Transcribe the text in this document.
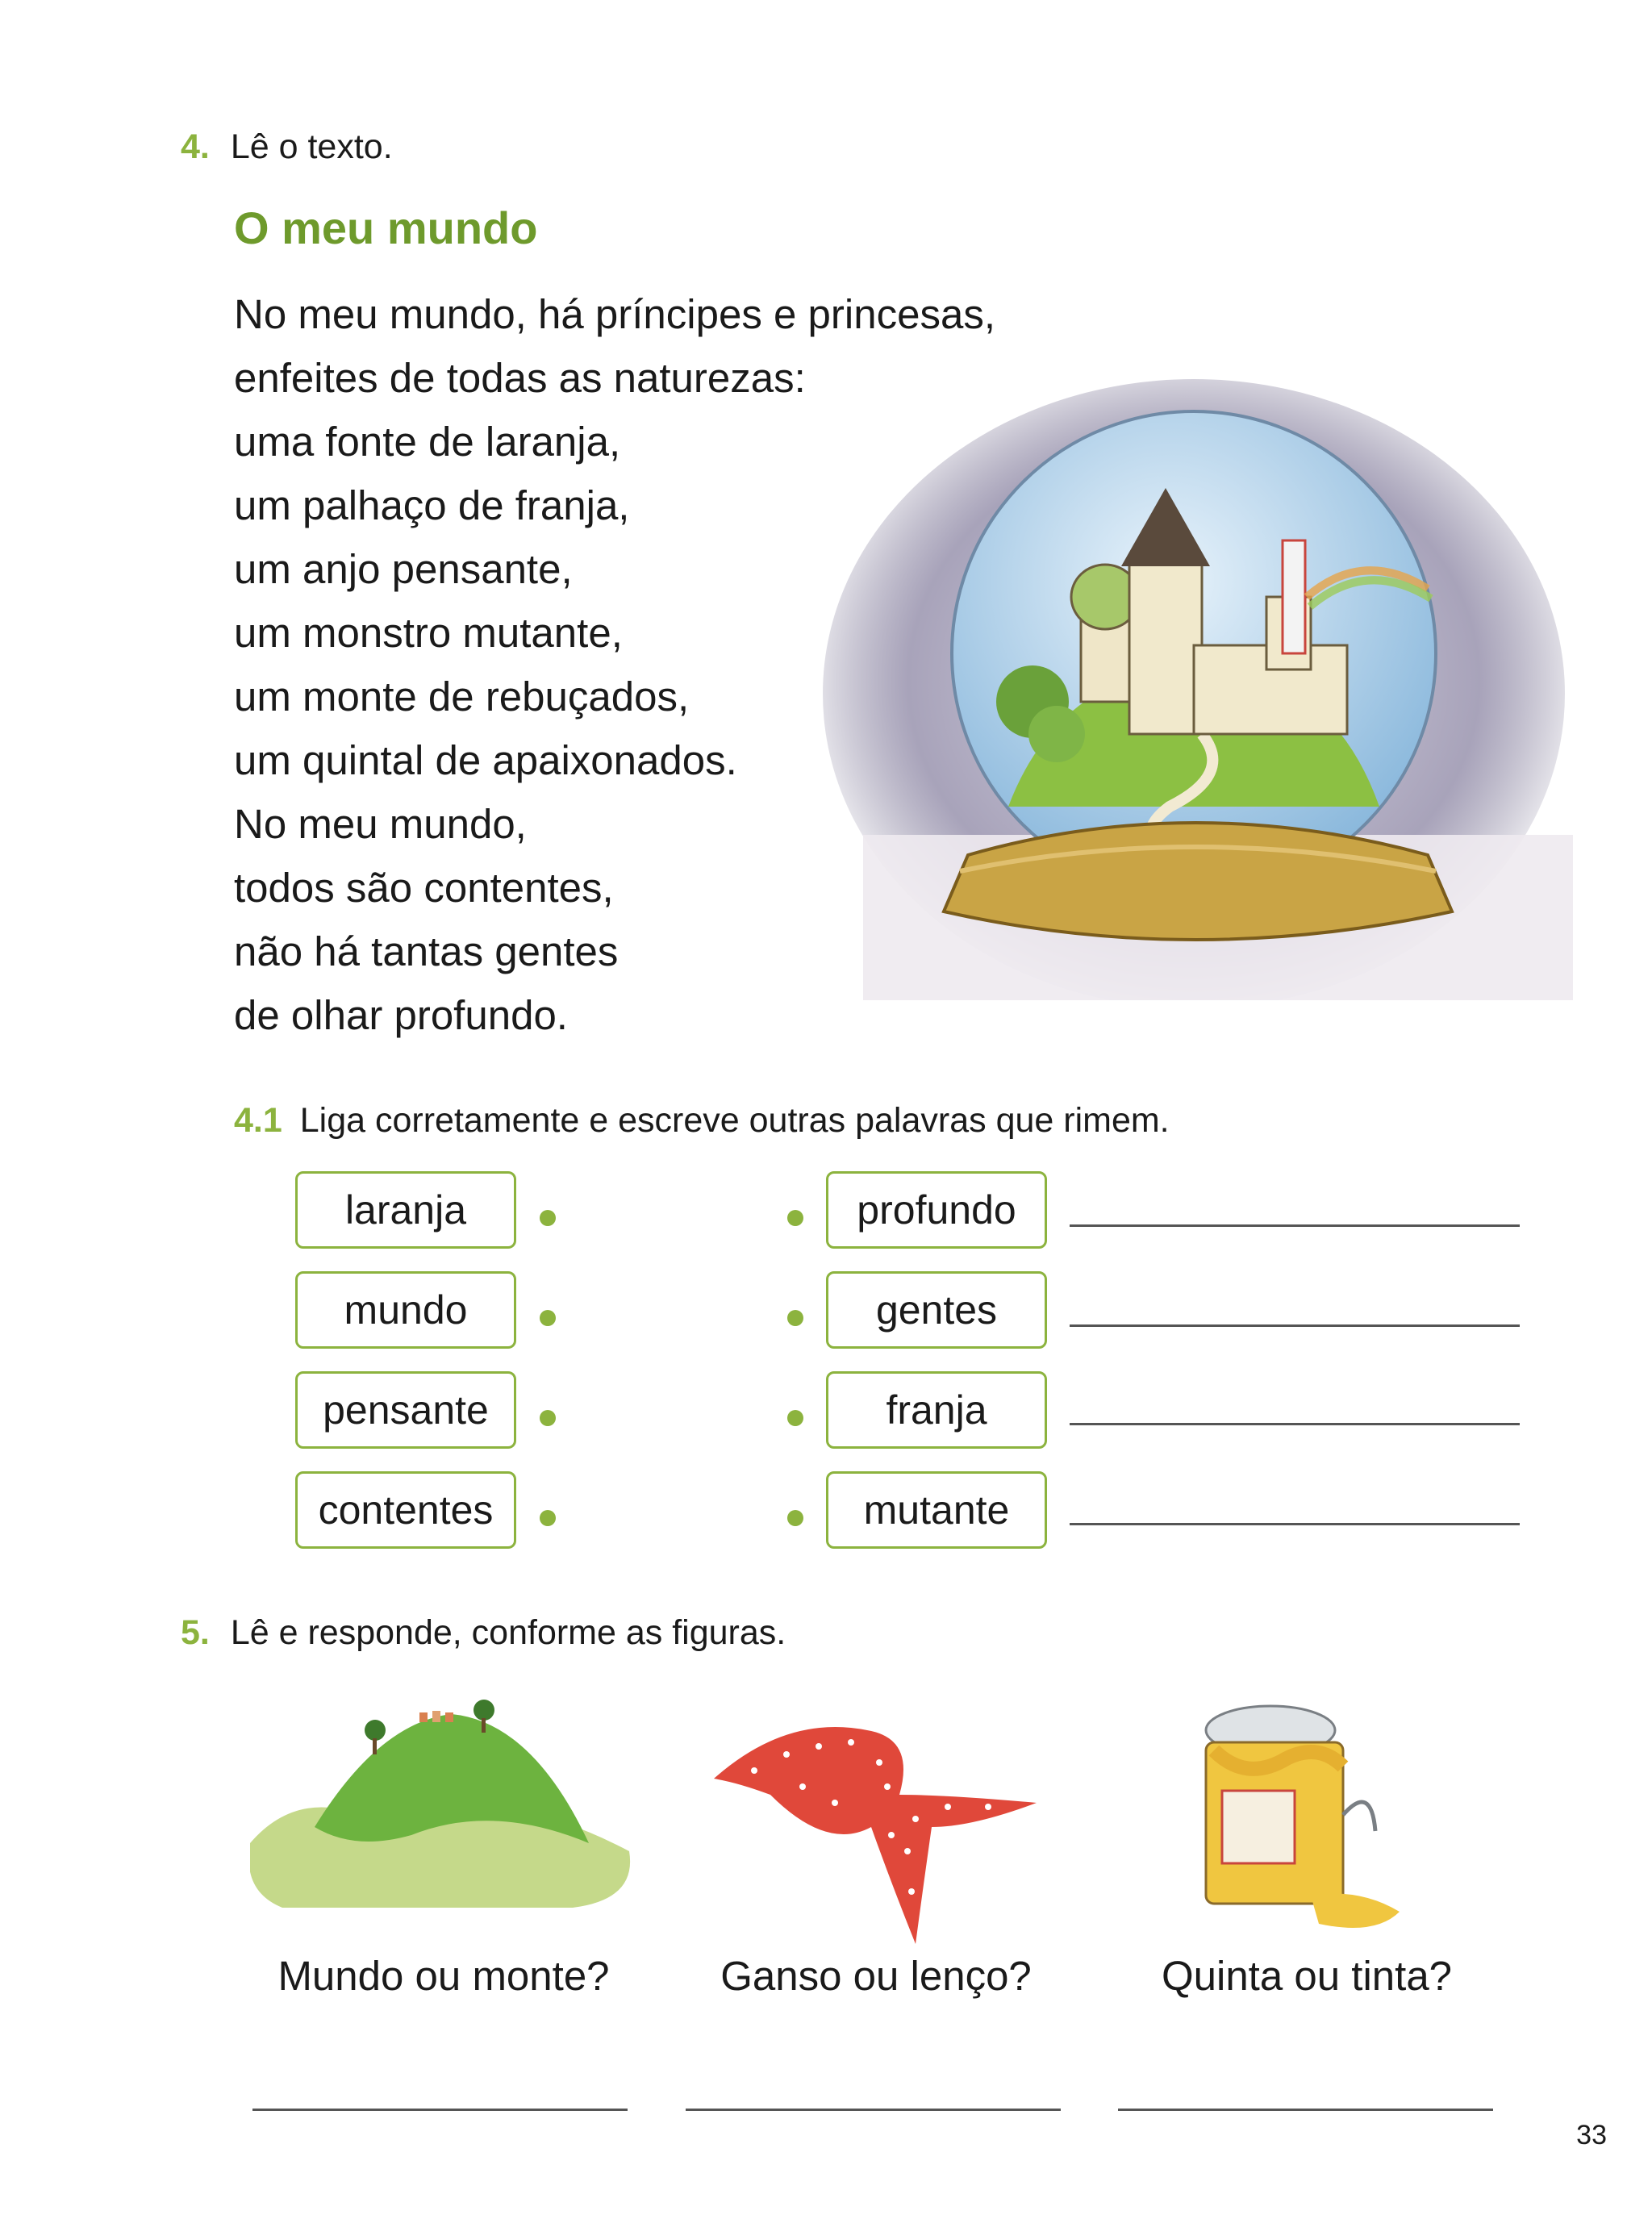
4. Lê o texto.
O meu mundo
No meu mundo, há príncipes e princesas,
enfeites de todas as naturezas:
uma fonte de laranja,
um palhaço de franja,
um anjo pensante,
um monstro mutante,
um monte de rebuçados,
um quintal de apaixonados.
No meu mundo,
todos são contentes,
não há tantas gentes
de olhar profundo.
4.1 Liga corretamente e escreve outras palavras que rimem.
laranja
mundo
pensante
contentes
profundo
gentes
franja
mutante
5. Lê e responde, conforme as figuras.
Mundo ou monte?	Ganso ou lenço?	Quinta ou tinta?
33
